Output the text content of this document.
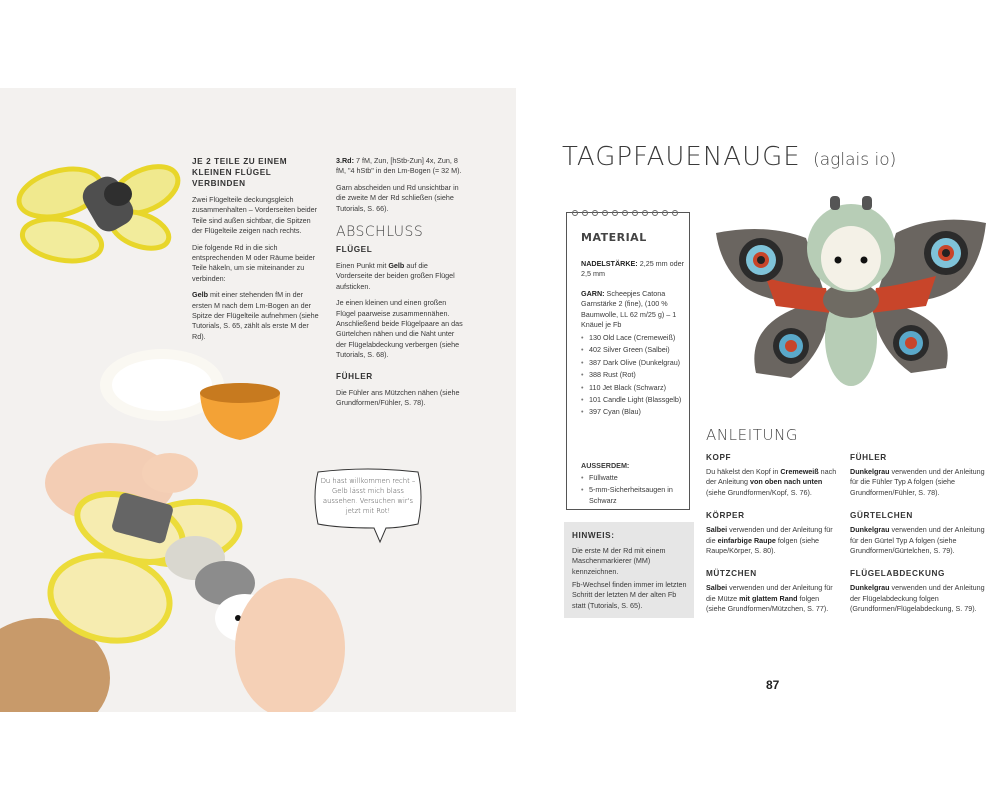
JE 2 TEILE ZU EINEM KLEINEN FLÜGEL VERBINDEN
Zwei Flügelteile deckungsgleich zusammenhalten – Vorderseiten beider Teile sind außen sichtbar, die Spitzen der Flügelteile zeigen nach rechts.
Die folgende Rd in die sich entsprechenden M oder Räume beider Teile häkeln, um sie miteinander zu verbinden:
Gelb mit einer stehenden fM in der ersten M nach dem Lm-Bogen an der Spitze der Flügelteile aufnehmen (siehe Tutorials, S. 65, zählt als erste M der Rd).
3.Rd: 7 fM, Zun, [hStb-Zun] 4x, Zun, 8 fM, "4 hStb" in den Lm-Bogen (= 32 M).
Garn abscheiden und Rd unsichtbar in die zweite M der Rd schließen (siehe Tutorials, S. 66).
ABSCHLUSS
FLÜGEL
Einen Punkt mit Gelb auf die Vorderseite der beiden großen Flügel aufsticken.
Je einen kleinen und einen großen Flügel paarweise zusammennähen. Anschließend beide Flügelpaare an das Gürtelchen nähen und die Naht unter der Flügelabdeckung verbergen (siehe Tutorials, S. 68).
FÜHLER
Die Fühler ans Mützchen nähen (siehe Grundformen/Fühler, S. 78).
Du hast willkommen recht – Gelb lässt mich blass aussehen. Versuchen wir's jetzt mit Rot!
TAGPFAUENAUGE (aglais io)
MATERIAL
NADELSTÄRKE: 2,25 mm oder 2,5 mm
GARN: Scheepjes Catona Garnstärke 2 (fine), (100 % Baumwolle, LL 62 m/25 g) – 1 Knäuel je Fb
• 130 Old Lace (Cremeweiß)
• 402 Silver Green (Salbei)
• 387 Dark Olive (Dunkelgrau)
• 388 Rust (Rot)
• 110 Jet Black (Schwarz)
• 101 Candle Light (Blassgelb)
• 397 Cyan (Blau)
AUSSERDEM:
• Füllwatte
• 5-mm-Sicherheitsaugen in Schwarz
HINWEIS:
Die erste M der Rd mit einem Maschenmarkierer (MM) kennzeichnen.
Fb-Wechsel finden immer im letzten Schritt der letzten M der alten Fb statt (Tutorials, S. 65).
ANLEITUNG
KOPF
Du häkelst den Kopf in Cremeweiß nach der Anleitung von oben nach unten (siehe Grundformen/Kopf, S. 76).
KÖRPER
Salbei verwenden und der Anleitung für die einfarbige Raupe folgen (siehe Raupe/Körper, S. 80).
MÜTZCHEN
Salbei verwenden und der Anleitung für die Mütze mit glattem Rand folgen (siehe Grundformen/Mützchen, S. 77).
FÜHLER
Dunkelgrau verwenden und der Anleitung für die Fühler Typ A folgen (siehe Grundformen/Fühler, S. 78).
GÜRTELCHEN
Dunkelgrau verwenden und der Anleitung für den Gürtel Typ A folgen (siehe Grundformen/Gürtelchen, S. 79).
FLÜGELABDECKUNG
Dunkelgrau verwenden und der Anleitung der Flügelabdeckung folgen (Grundformen/Flügelabdeckung, S. 79).
87
